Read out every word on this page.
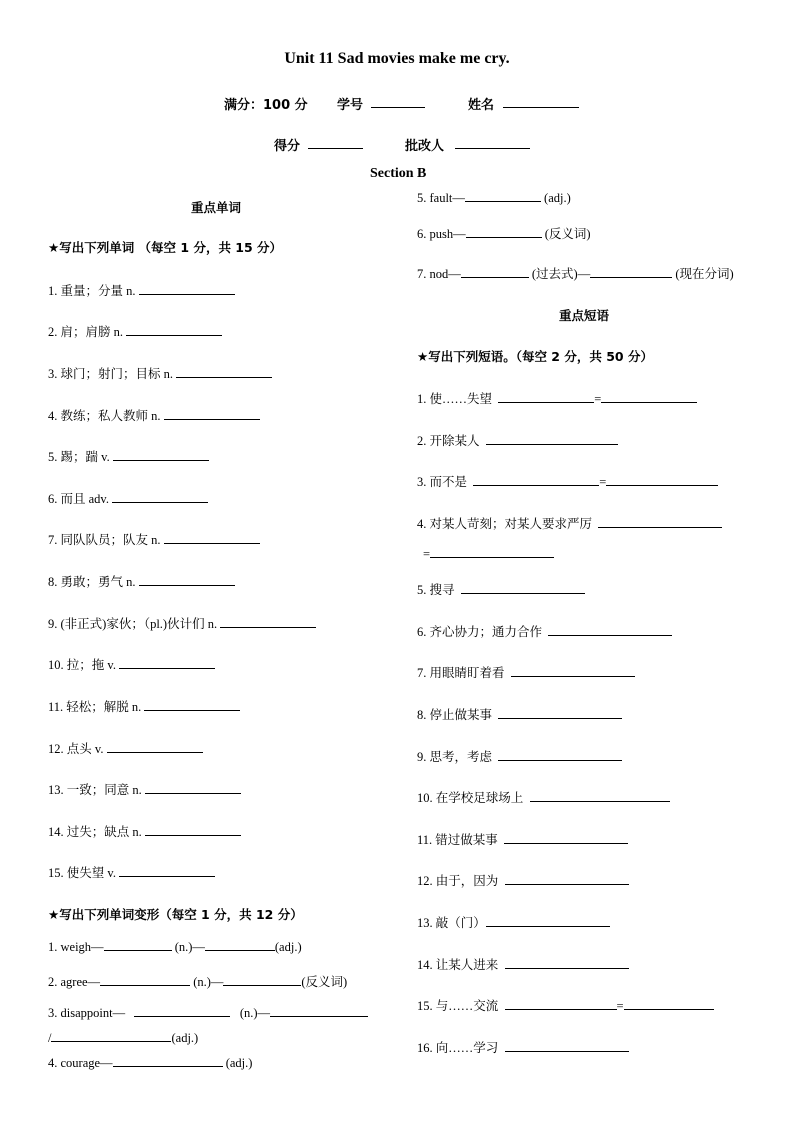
Unit 11 Sad movies make me cry.
满分：100 分 学号	姓名
得分	批改人
Section B
重点单词
★写出下列单词 （每空 1 分，共 15 分）
1. 重量；分量 n.
2. 肩；肩膀 n.
3. 球门；射门；目标 n.
4. 教练；私人教师 n.
5. 踢；踹 v.
6. 而且 adv.
7. 同队队员；队友 n.
8. 勇敢；勇气 n.
9. (非正式)家伙；（pl.)伙计们 n.
10. 拉；拖 v.
11. 轻松；解脱 n.
12. 点头 v.
13. 一致；同意 n.
14. 过失；缺点 n.
15. 使失望 v.
★写出下列单词变形（每空 1 分，共 12 分）
1. weigh—	(n.)—	(adj.)
2. agree—	(n.)—	(反义词)
3. disappoint—	(n.)—
/	(adj.)
4. courage—	(adj.)
5. fault—	(adj.)
6. push—	(反义词)
7. nod—	(过去式)—	(现在分词)
重点短语
★写出下列短语。（每空 2 分，共 50 分）
1. 使……失望	=
2. 开除某人
3. 而不是	=
4. 对某人苛刻；对某人要求严厉
=
5. 搜寻
6. 齐心协力；通力合作
7. 用眼睛盯着看
8. 停止做某事
9. 思考，考虑
10. 在学校足球场上
11. 错过做某事
12. 由于，因为
13. 敲（门）
14. 让某人进来
15. 与……交流	=
16. 向……学习
